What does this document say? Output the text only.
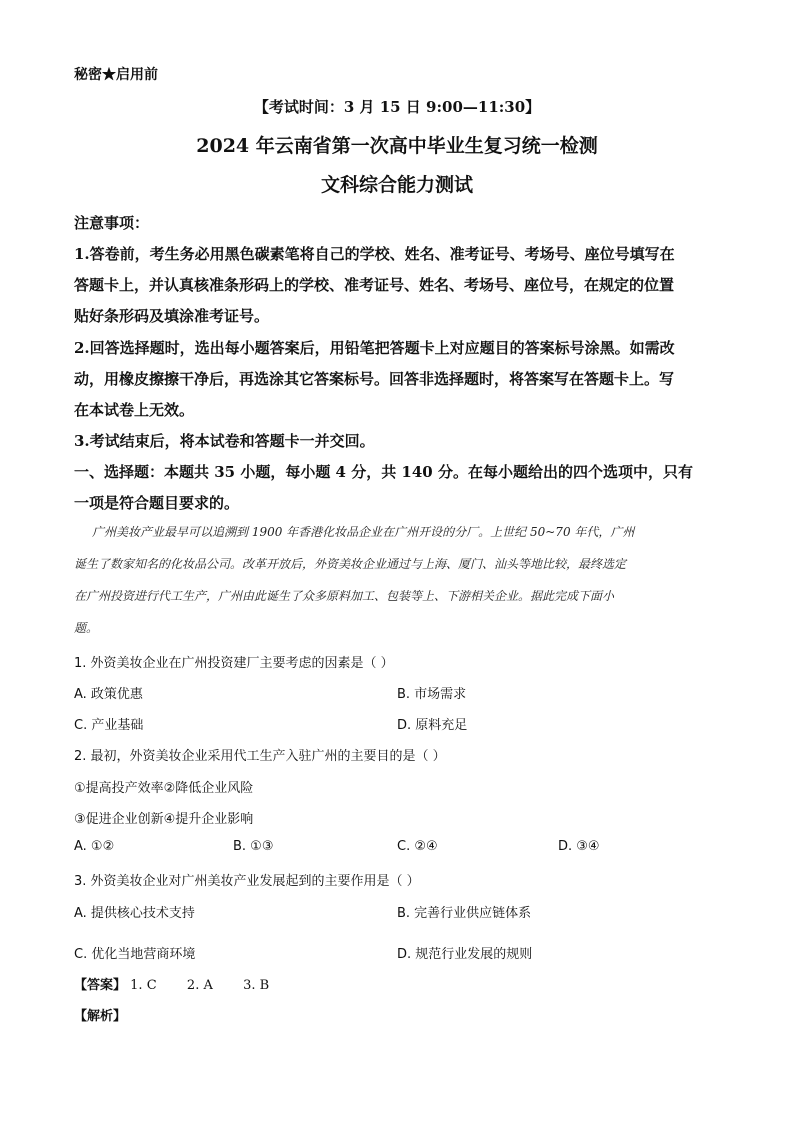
秘密★启用前
【考试时间：3 月 15 日 9:00—11:30】
2024 年云南省第一次高中毕业生复习统一检测
文科综合能力测试
注意事项：
1.答卷前，考生务必用黑色碳素笔将自己的学校、姓名、准考证号、考场号、座位号填写在
答题卡上，并认真核准条形码上的学校、准考证号、姓名、考场号、座位号，在规定的位置
贴好条形码及填涂准考证号。
2.回答选择题时，选出每小题答案后，用铅笔把答题卡上对应题目的答案标号涂黑。如需改
动，用橡皮擦擦干净后，再选涂其它答案标号。回答非选择题时，将答案写在答题卡上。写
在本试卷上无效。
3.考试结束后，将本试卷和答题卡一并交回。
一、选择题：本题共 35 小题，每小题 4 分，共 140 分。在每小题给出的四个选项中，只有
一项是符合题目要求的。
广州美妆产业最早可以追溯到 1900 年香港化妆品企业在广州开设的分厂。上世纪 50~70 年代，广州
诞生了数家知名的化妆品公司。改革开放后，外资美妆企业通过与上海、厦门、汕头等地比较，最终选定
在广州投资进行代工生产，广州由此诞生了众多原料加工、包装等上、下游相关企业。据此完成下面小
题。
1. 外资美妆企业在广州投资建厂主要考虑的因素是（ ）
A. 政策优惠	B. 市场需求
C. 产业基础	D. 原料充足
2. 最初，外资美妆企业采用代工生产入驻广州的主要目的是（ ）
①提高投产效率②降低企业风险
③促进企业创新④提升企业影响
A. ①②	B. ①③	C. ②④	D. ③④
3. 外资美妆企业对广州美妆产业发展起到的主要作用是（ ）
A. 提供核心技术支持	B. 完善行业供应链体系
C. 优化当地营商环境	D. 规范行业发展的规则
【答案】 1. C 2. A 3. B
【解析】
